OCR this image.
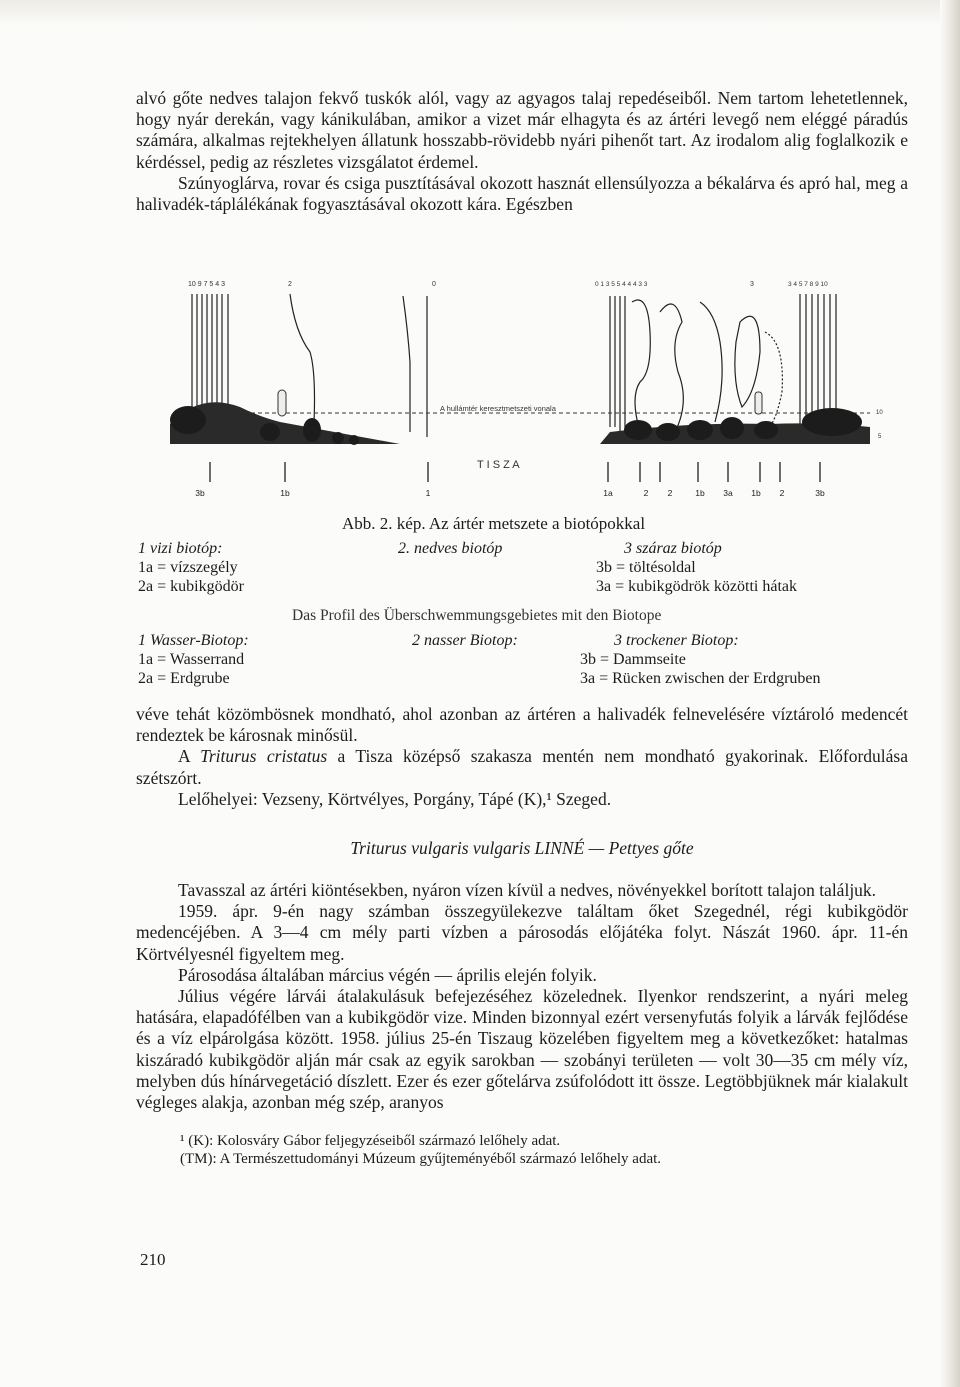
alvó gőte nedves talajon fekvő tuskók alól, vagy az agyagos talaj repedéseiből. Nem tartom lehetetlennek, hogy nyár derekán, vagy kánikulában, amikor a vizet már elhagyta és az ártéri levegő nem eléggé páradús számára, alkalmas rejtekhelyen állatunk hosszabb-rövidebb nyári pihenőt tart. Az irodalom alig foglalkozik e kérdéssel, pedig az részletes vizsgálatot érdemel.

Szúnyoglárva, rovar és csiga pusztításával okozott hasznát ellensúlyozza a békalárva és apró hal, meg a halivadék-táplálékának fogyasztásával okozott kára. Egészben

10 9 7 5 4 3	2	0	0 1 3 5 5 4 4 4 3 3	3	3 4 5 7 8 9 10
A hullámtér keresztmetszeti vonala
T I S Z A
10
5
3b	1b	1	1a	2 2	1b 3a 1b 2	3b
Abb. 2. kép. Az ártér metszete a biotópokkal
1 vizi biotóp:	2. nedves biotóp	3 száraz biotóp
1a = vízszegély	3b = töltésoldal
2a = kubikgödör	3a = kubikgödrök közötti hátak
Das Profil des Überschwemmungsgebietes mit den Biotope
1 Wasser-Biotop:	2 nasser Biotop:	3 trockener Biotop:
1a = Wasserrand	3b = Dammseite
2a = Erdgrube	3a = Rücken zwischen der Erdgruben

véve tehát közömbösnek mondható, ahol azonban az ártéren a halivadék felnevelésére víztároló medencét rendeztek be károsnak minősül.

A Triturus cristatus a Tisza középső szakasza mentén nem mondható gyakorinak. Előfordulása szétszórt.

Lelőhelyei: Vezseny, Körtvélyes, Porgány, Tápé (K),¹ Szeged.

Triturus vulgaris vulgaris LINNÉ — Pettyes gőte

Tavasszal az ártéri kiöntésekben, nyáron vízen kívül a nedves, növényekkel borított talajon találjuk.

1959. ápr. 9-én nagy számban összegyülekezve találtam őket Szegednél, régi kubikgödör medencéjében. A 3—4 cm mély parti vízben a párosodás előjátéka folyt. Nászát 1960. ápr. 11-én Körtvélyesnél figyeltem meg.

Párosodása általában március végén — április elején folyik.

Július végére lárvái átalakulásuk befejezéséhez közelednek. Ilyenkor rendszerint, a nyári meleg hatására, elapadófélben van a kubikgödör vize. Minden bizonnyal ezért versenyfutás folyik a lárvák fejlődése és a víz elpárolgása között. 1958. július 25-én Tiszaug közelében figyeltem meg a következőket: hatalmas kiszáradó kubikgödör alján már csak az egyik sarokban — szobányi területen — volt 30—35 cm mély víz, melyben dús hínárvegetáció díszlett. Ezer és ezer gőtelárva zsúfolódott itt össze. Legtöbbjüknek már kialakult végleges alakja, azonban még szép, aranyos

¹ (K): Kolosváry Gábor feljegyzéseiből származó lelőhely adat.
(TM): A Természettudományi Múzeum gyűjteményéből származó lelőhely adat.
210
